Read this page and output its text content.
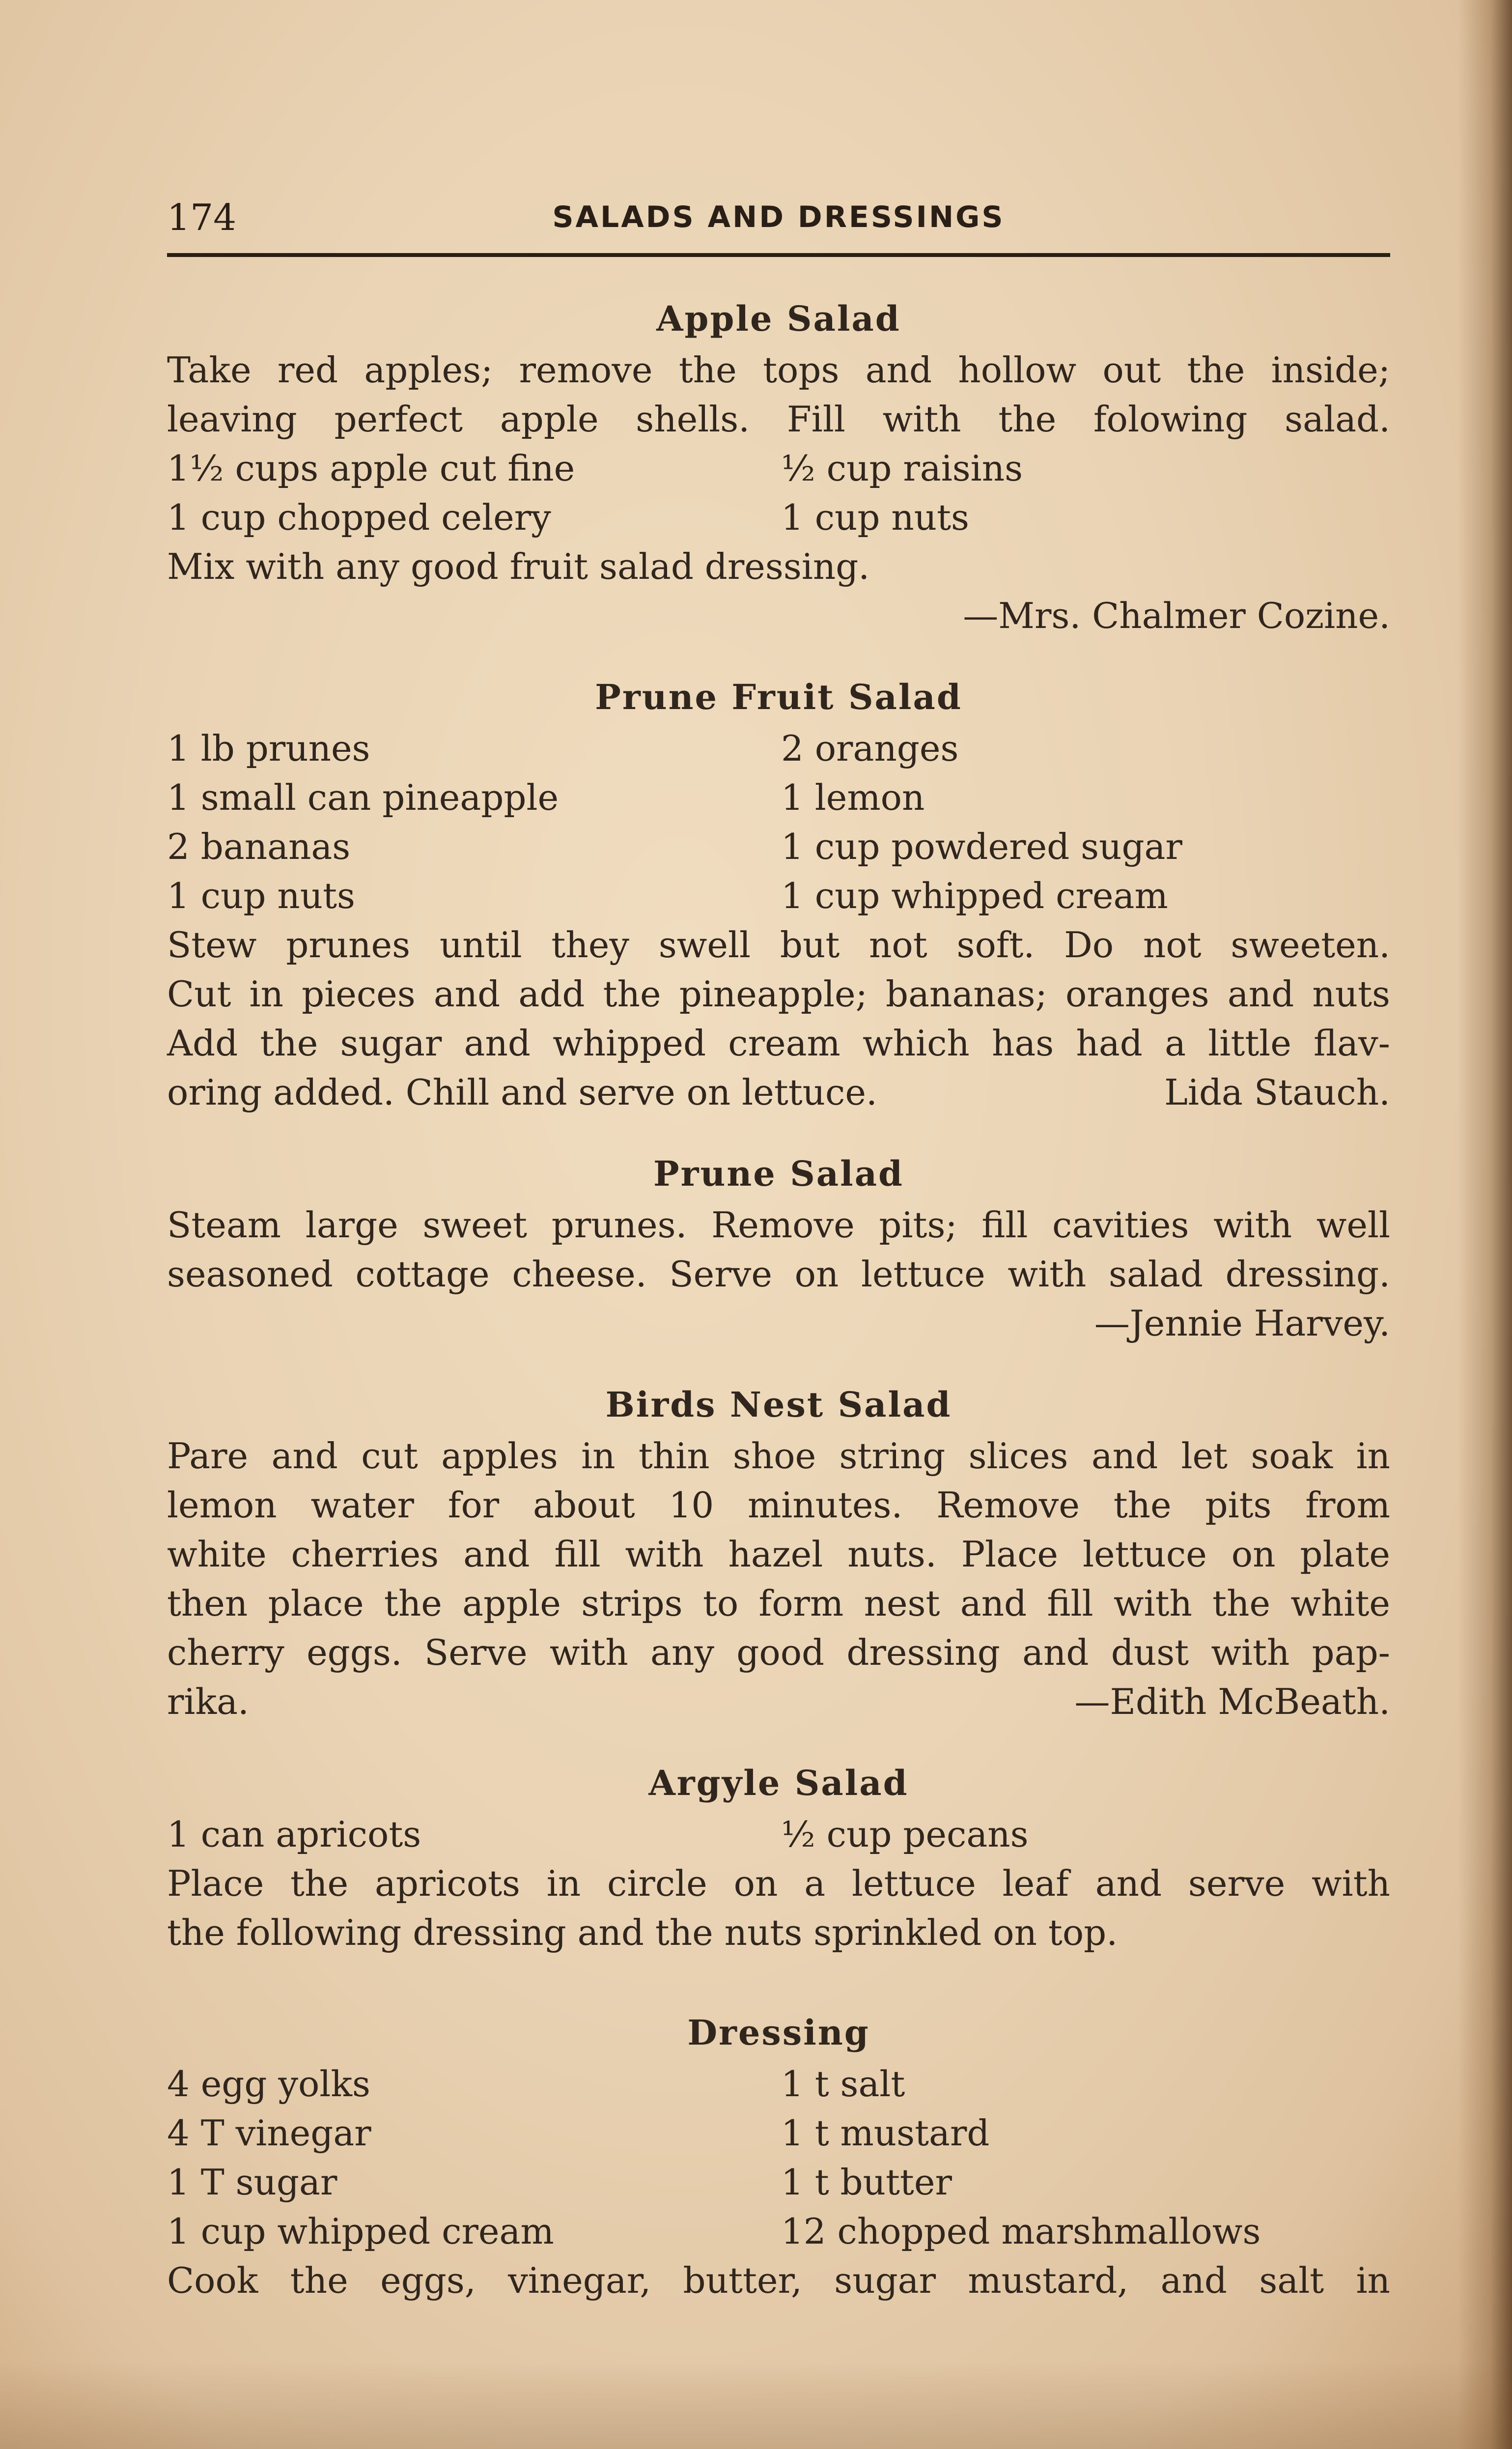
174	SALADS AND DRESSINGS
Apple Salad
Take red apples; remove the tops and hollow out the inside;
leaving perfect apple shells. Fill with the folowing salad.
1½ cups apple cut fine	½ cup raisins
1 cup chopped celery	1 cup nuts
Mix with any good fruit salad dressing.
—Mrs. Chalmer Cozine.
Prune Fruit Salad
1 lb prunes	2 oranges
1 small can pineapple	1 lemon
2 bananas	1 cup powdered sugar
1 cup nuts	1 cup whipped cream
Stew prunes until they swell but not soft. Do not sweeten.
Cut in pieces and add the pineapple; bananas; oranges and nuts
Add the sugar and whipped cream which has had a little flav-
oring added. Chill and serve on lettuce.	Lida Stauch.
Prune Salad
Steam large sweet prunes. Remove pits; fill cavities with well
seasoned cottage cheese. Serve on lettuce with salad dressing.
—Jennie Harvey.
Birds Nest Salad
Pare and cut apples in thin shoe string slices and let soak in
lemon water for about 10 minutes. Remove the pits from
white cherries and fill with hazel nuts. Place lettuce on plate
then place the apple strips to form nest and fill with the white
cherry eggs. Serve with any good dressing and dust with pap-
rika.	—Edith McBeath.
Argyle Salad
1 can apricots	½ cup pecans
Place the apricots in circle on a lettuce leaf and serve with
the following dressing and the nuts sprinkled on top.
Dressing
4 egg yolks	1 t salt
4 T vinegar	1 t mustard
1 T sugar	1 t butter
1 cup whipped cream	12 chopped marshmallows
Cook the eggs, vinegar, butter, sugar mustard, and salt in
